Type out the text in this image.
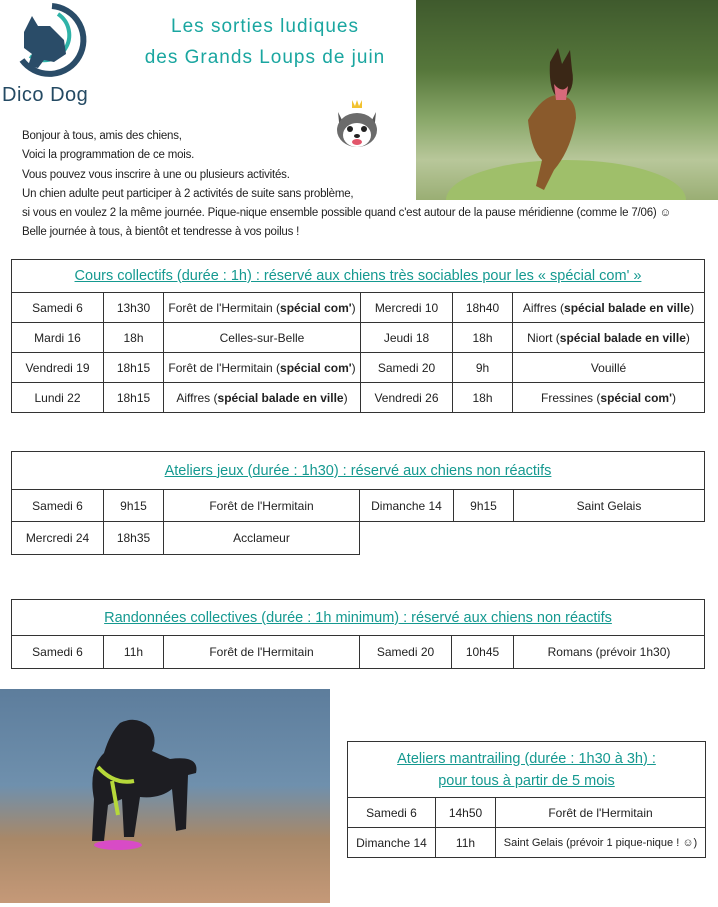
Dico Dog
Les sorties ludiques
des Grands Loups de juin
Bonjour à tous, amis des chiens,
Voici la programmation de ce mois.
Vous pouvez vous inscrire à une ou plusieurs activités.
Un chien adulte peut participer à 2 activités de suite sans problème,
si vous en voulez 2 la même journée. Pique-nique ensemble possible quand c'est autour de la pause méridienne (comme le 7/06) ☺
Belle journée à tous, à bientôt et tendresse à vos poilus !
Cours collectifs (durée : 1h) : réservé aux chiens très sociables pour les « spécial com' »					
Samedi 6	13h30	Forêt de l'Hermitain (spécial com')	Mercredi 10	18h40	Aiffres (spécial balade en ville)
Mardi 16	18h	Celles-sur-Belle	Jeudi 18	18h	Niort (spécial balade en ville)
Vendredi 19	18h15	Forêt de l'Hermitain (spécial com')	Samedi 20	9h	Vouillé
Lundi 22	18h15	Aiffres (spécial balade en ville)	Vendredi 26	18h	Fressines (spécial com')
Ateliers jeux (durée : 1h30) : réservé aux chiens non réactifs					
Samedi 6	9h15	Forêt de l'Hermitain	Dimanche 14	9h15	Saint Gelais
Mercredi 24	18h35	Acclameur			
Randonnées collectives (durée : 1h minimum) : réservé aux chiens non réactifs
Samedi 6	11h	Forêt de l'Hermitain	Samedi 20	10h45	Romans (prévoir 1h30)
Ateliers mantrailing (durée : 1h30 à 3h) :
pour tous à partir de 5 mois		

Samedi 6	14h50	Forêt de l'Hermitain
Dimanche 14	11h	Saint Gelais (prévoir 1 pique-nique ! ☺)
